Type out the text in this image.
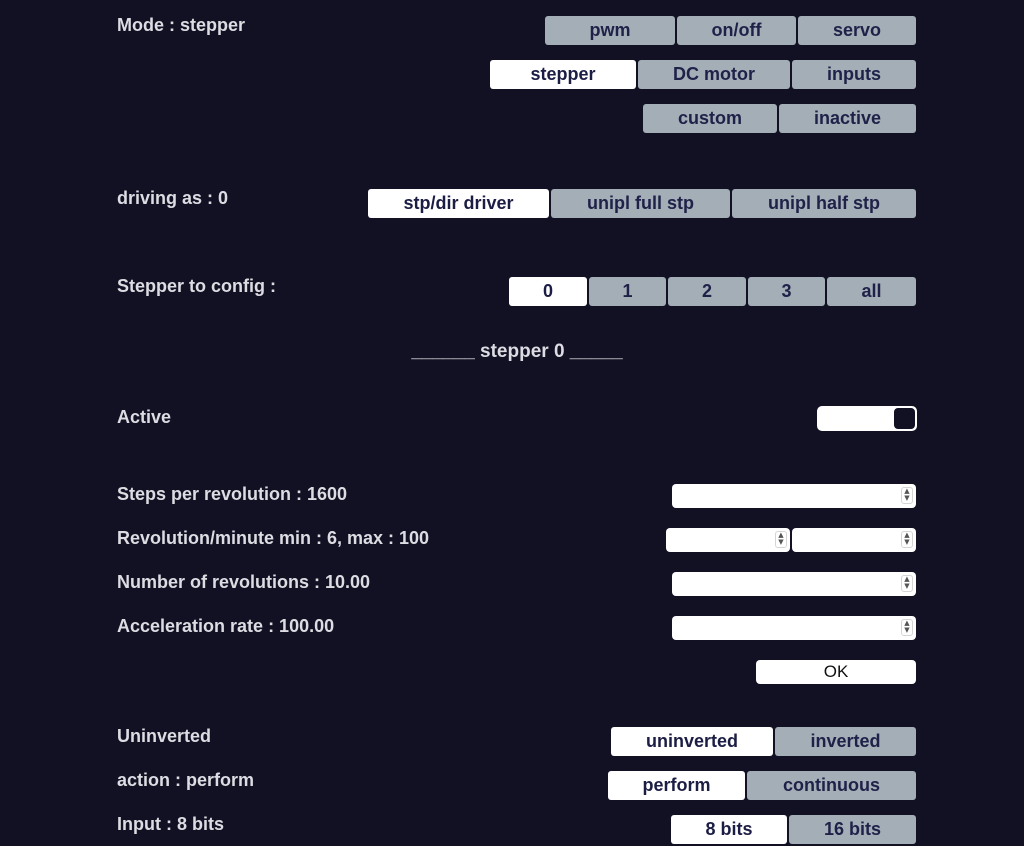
Mode : stepper	pwm	on/off	servo
stepper	DC motor	inputs
custom	inactive
driving as : 0	stp/dir driver	unipl full stp	unipl half stp
Stepper to config :	0	1	2	3	all
______ stepper 0 _____
Active
Steps per revolution : 1600	▲
▼
Revolution/minute min : 6, max : 100	▲
▼
▲
▼
Number of revolutions : 10.00	▲
▼
Acceleration rate : 100.00	▲
▼
OK
Uninverted	uninverted	inverted
action : perform	perform	continuous
Input : 8 bits	8 bits	16 bits
